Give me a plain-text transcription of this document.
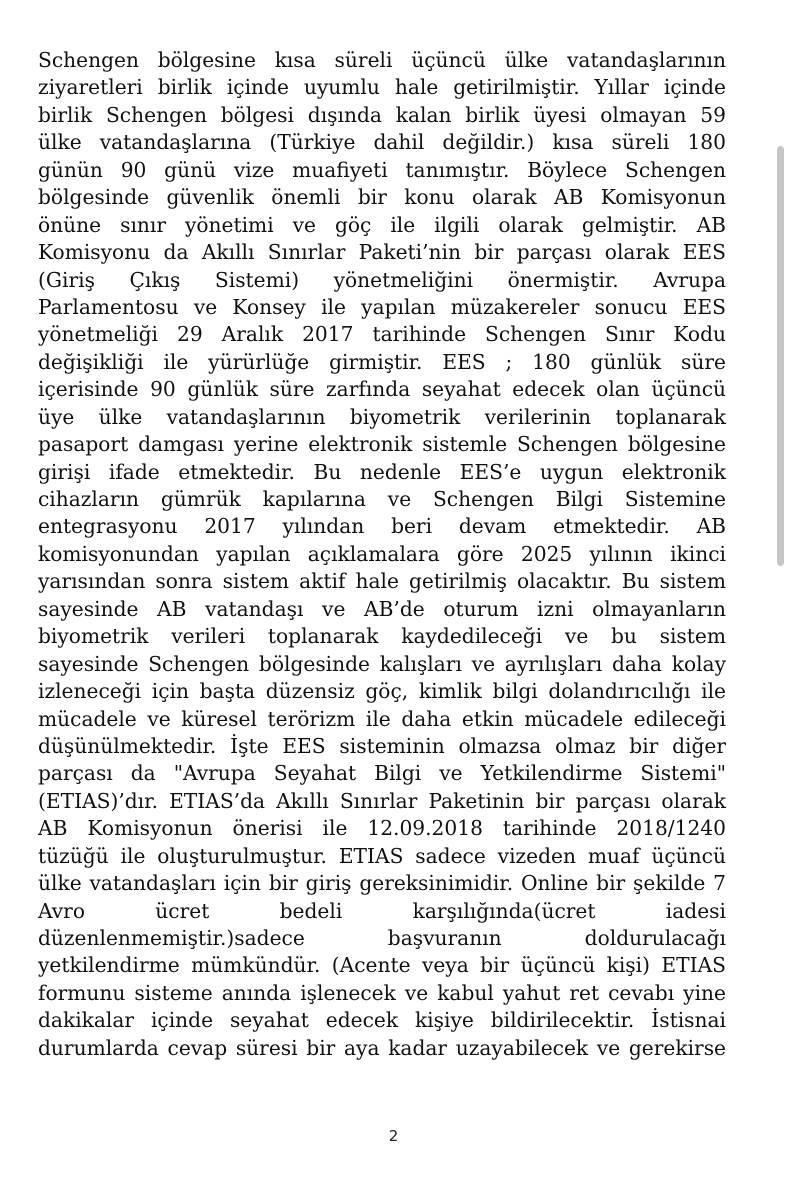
Schengen bölgesine kısa süreli üçüncü ülke vatandaşlarının
ziyaretleri birlik içinde uyumlu hale getirilmiştir. Yıllar içinde
birlik Schengen bölgesi dışında kalan birlik üyesi olmayan 59
ülke vatandaşlarına (Türkiye dahil değildir.) kısa süreli 180
günün 90 günü vize muafiyeti tanımıştır. Böylece Schengen
bölgesinde güvenlik önemli bir konu olarak AB Komisyonun
önüne sınır yönetimi ve göç ile ilgili olarak gelmiştir. AB
Komisyonu da Akıllı Sınırlar Paketi’nin bir parçası olarak EES
(Giriş Çıkış Sistemi) yönetmeliğini önermiştir. Avrupa
Parlamentosu ve Konsey ile yapılan müzakereler sonucu EES
yönetmeliği 29 Aralık 2017 tarihinde Schengen Sınır Kodu
değişikliği ile yürürlüğe girmiştir. EES ; 180 günlük süre
içerisinde 90 günlük süre zarfında seyahat edecek olan üçüncü
üye ülke vatandaşlarının biyometrik verilerinin toplanarak
pasaport damgası yerine elektronik sistemle Schengen bölgesine
girişi ifade etmektedir. Bu nedenle EES’e uygun elektronik
cihazların gümrük kapılarına ve Schengen Bilgi Sistemine
entegrasyonu 2017 yılından beri devam etmektedir. AB
komisyonundan yapılan açıklamalara göre 2025 yılının ikinci
yarısından sonra sistem aktif hale getirilmiş olacaktır. Bu sistem
sayesinde AB vatandaşı ve AB’de oturum izni olmayanların
biyometrik verileri toplanarak kaydedileceği ve bu sistem
sayesinde Schengen bölgesinde kalışları ve ayrılışları daha kolay
izleneceği için başta düzensiz göç, kimlik bilgi dolandırıcılığı ile
mücadele ve küresel terörizm ile daha etkin mücadele edileceği
düşünülmektedir. İşte EES sisteminin olmazsa olmaz bir diğer
parçası da "Avrupa Seyahat Bilgi ve Yetkilendirme Sistemi"
(ETIAS)’dır. ETIAS’da Akıllı Sınırlar Paketinin bir parçası olarak
AB Komisyonun önerisi ile 12.09.2018 tarihinde 2018/1240
tüzüğü ile oluşturulmuştur. ETIAS sadece vizeden muaf üçüncü
ülke vatandaşları için bir giriş gereksinimidir. Online bir şekilde 7
Avro ücret bedeli karşılığında(ücret iadesi
düzenlenmemiştir.)sadece başvuranın doldurulacağı
yetkilendirme mümkündür. (Acente veya bir üçüncü kişi) ETIAS
formunu sisteme anında işlenecek ve kabul yahut ret cevabı yine
dakikalar içinde seyahat edecek kişiye bildirilecektir. İstisnai
durumlarda cevap süresi bir aya kadar uzayabilecek ve gerekirse
2
